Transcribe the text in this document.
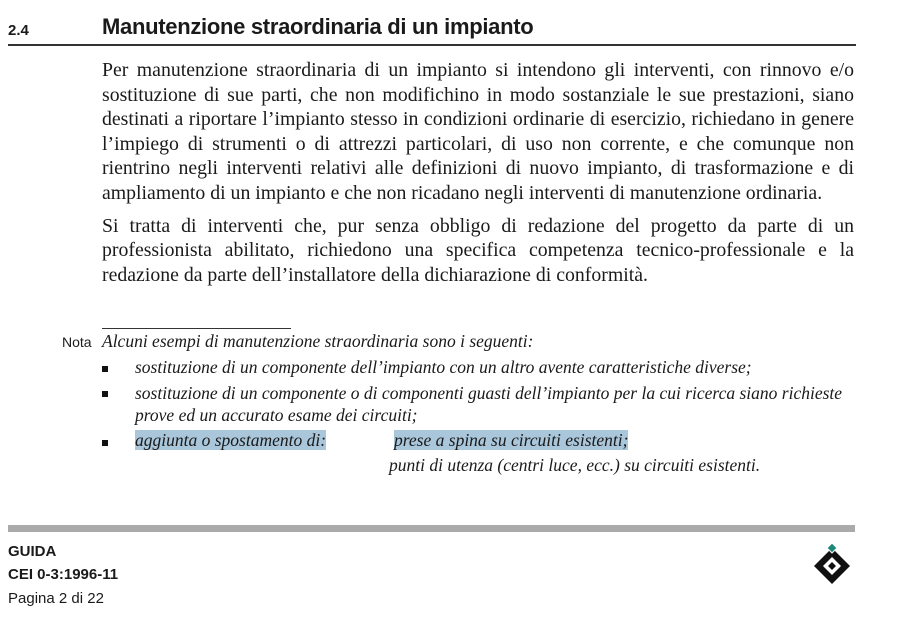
2.4	Manutenzione straordinaria di un impianto

Per manutenzione straordinaria di un impianto si intendono gli interventi, con rinnovo e/o sostituzione di sue parti, che non modifichino in modo sostanziale le sue prestazioni, siano destinati a riportare l’impianto stesso in condizioni ordinarie di esercizio, richiedano in genere l’impiego di strumenti o di attrezzi particolari, di uso non corrente, e che comunque non rientrino negli interventi relativi alle definizioni di nuovo impianto, di trasformazione e di ampliamento di un impianto e che non ricadano negli interventi di manutenzione ordinaria.

Si tratta di interventi che, pur senza obbligo di redazione del progetto da parte di un professionista abilitato, richiedono una specifica competenza tecnico-professionale e la redazione da parte dell’installatore della dichiarazione di conformità.

Nota Alcuni esempi di manutenzione straordinaria sono i seguenti:
sostituzione di un componente dell’impianto con un altro avente caratteristiche diverse;
sostituzione di un componente o di componenti guasti dell’impianto per la cui ricerca siano richieste prove ed un accurato esame dei circuiti;
aggiunta o spostamento di:	prese a spina su circuiti esistenti;
punti di utenza (centri luce, ecc.) su circuiti esistenti.
GUIDA
CEI 0-3:1996-11
Pagina 2 di 22
